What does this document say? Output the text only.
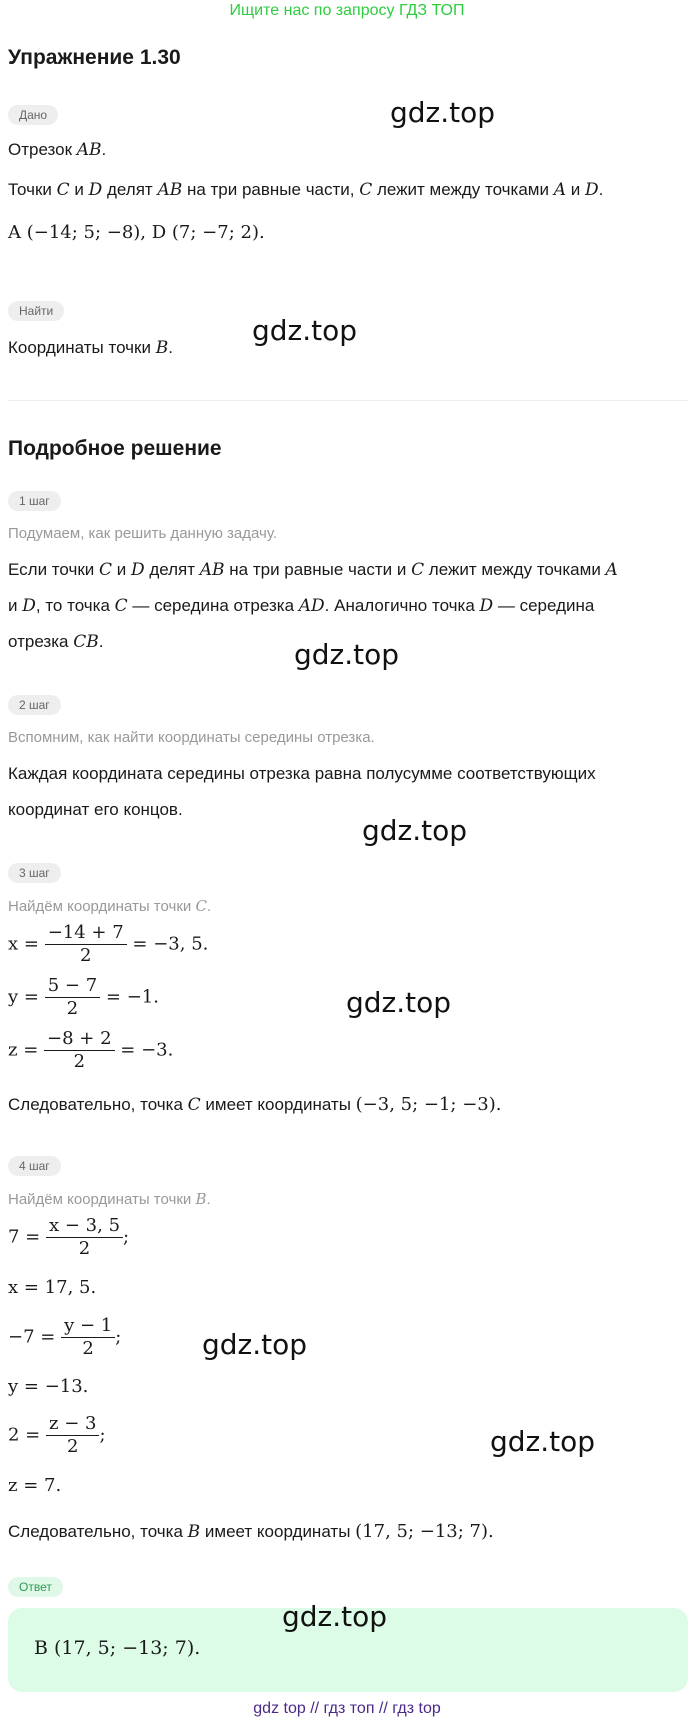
Ищите нас по запросу ГДЗ ТОП
Упражнение 1.30
Дано
Отрезок AB.
Точки C и D делят AB на три равные части, C лежит между точками A и D.
A (−14; 5; −8), D (7; −7; 2).
Найти
Координаты точки B.
Подробное решение
1 шаг
Подумаем, как решить данную задачу.
Если точки C и D делят AB на три равные части и C лежит между точками A
и D, то точка C — середина отрезка AD. Аналогично точка D — середина
отрезка CB.
2 шаг
Вспомним, как найти координаты середины отрезка.
Каждая координата середины отрезка равна полусумме соответствующих
координат его концов.
3 шаг
Найдём координаты точки C.
$x = \frac{-14 + 7}{2} = -3$, 5.
$y = \frac{5 - 7}{2} = -1$.
$z = \frac{-8 + 2}{2} = -3$.
Следовательно, точка C имеет координаты (−3, 5; −1; −3).
4 шаг
Найдём координаты точки B.
$7 = \frac{x - 3, 5}{2}$ ;
x = 17, 5.
$-7 = \frac{y - 1}{2}$ ;
y = −13.
$2 = \frac{z - 3}{2}$ ;
z = 7.
Следовательно, точка B имеет координаты (17, 5; −13; 7).
Ответ
B (17, 5; −13; 7).
gdz.top
gdz.top
gdz.top
gdz.top
gdz.top
gdz.top
gdz.top
gdz.top
gdz top // гдз топ // гдз top
